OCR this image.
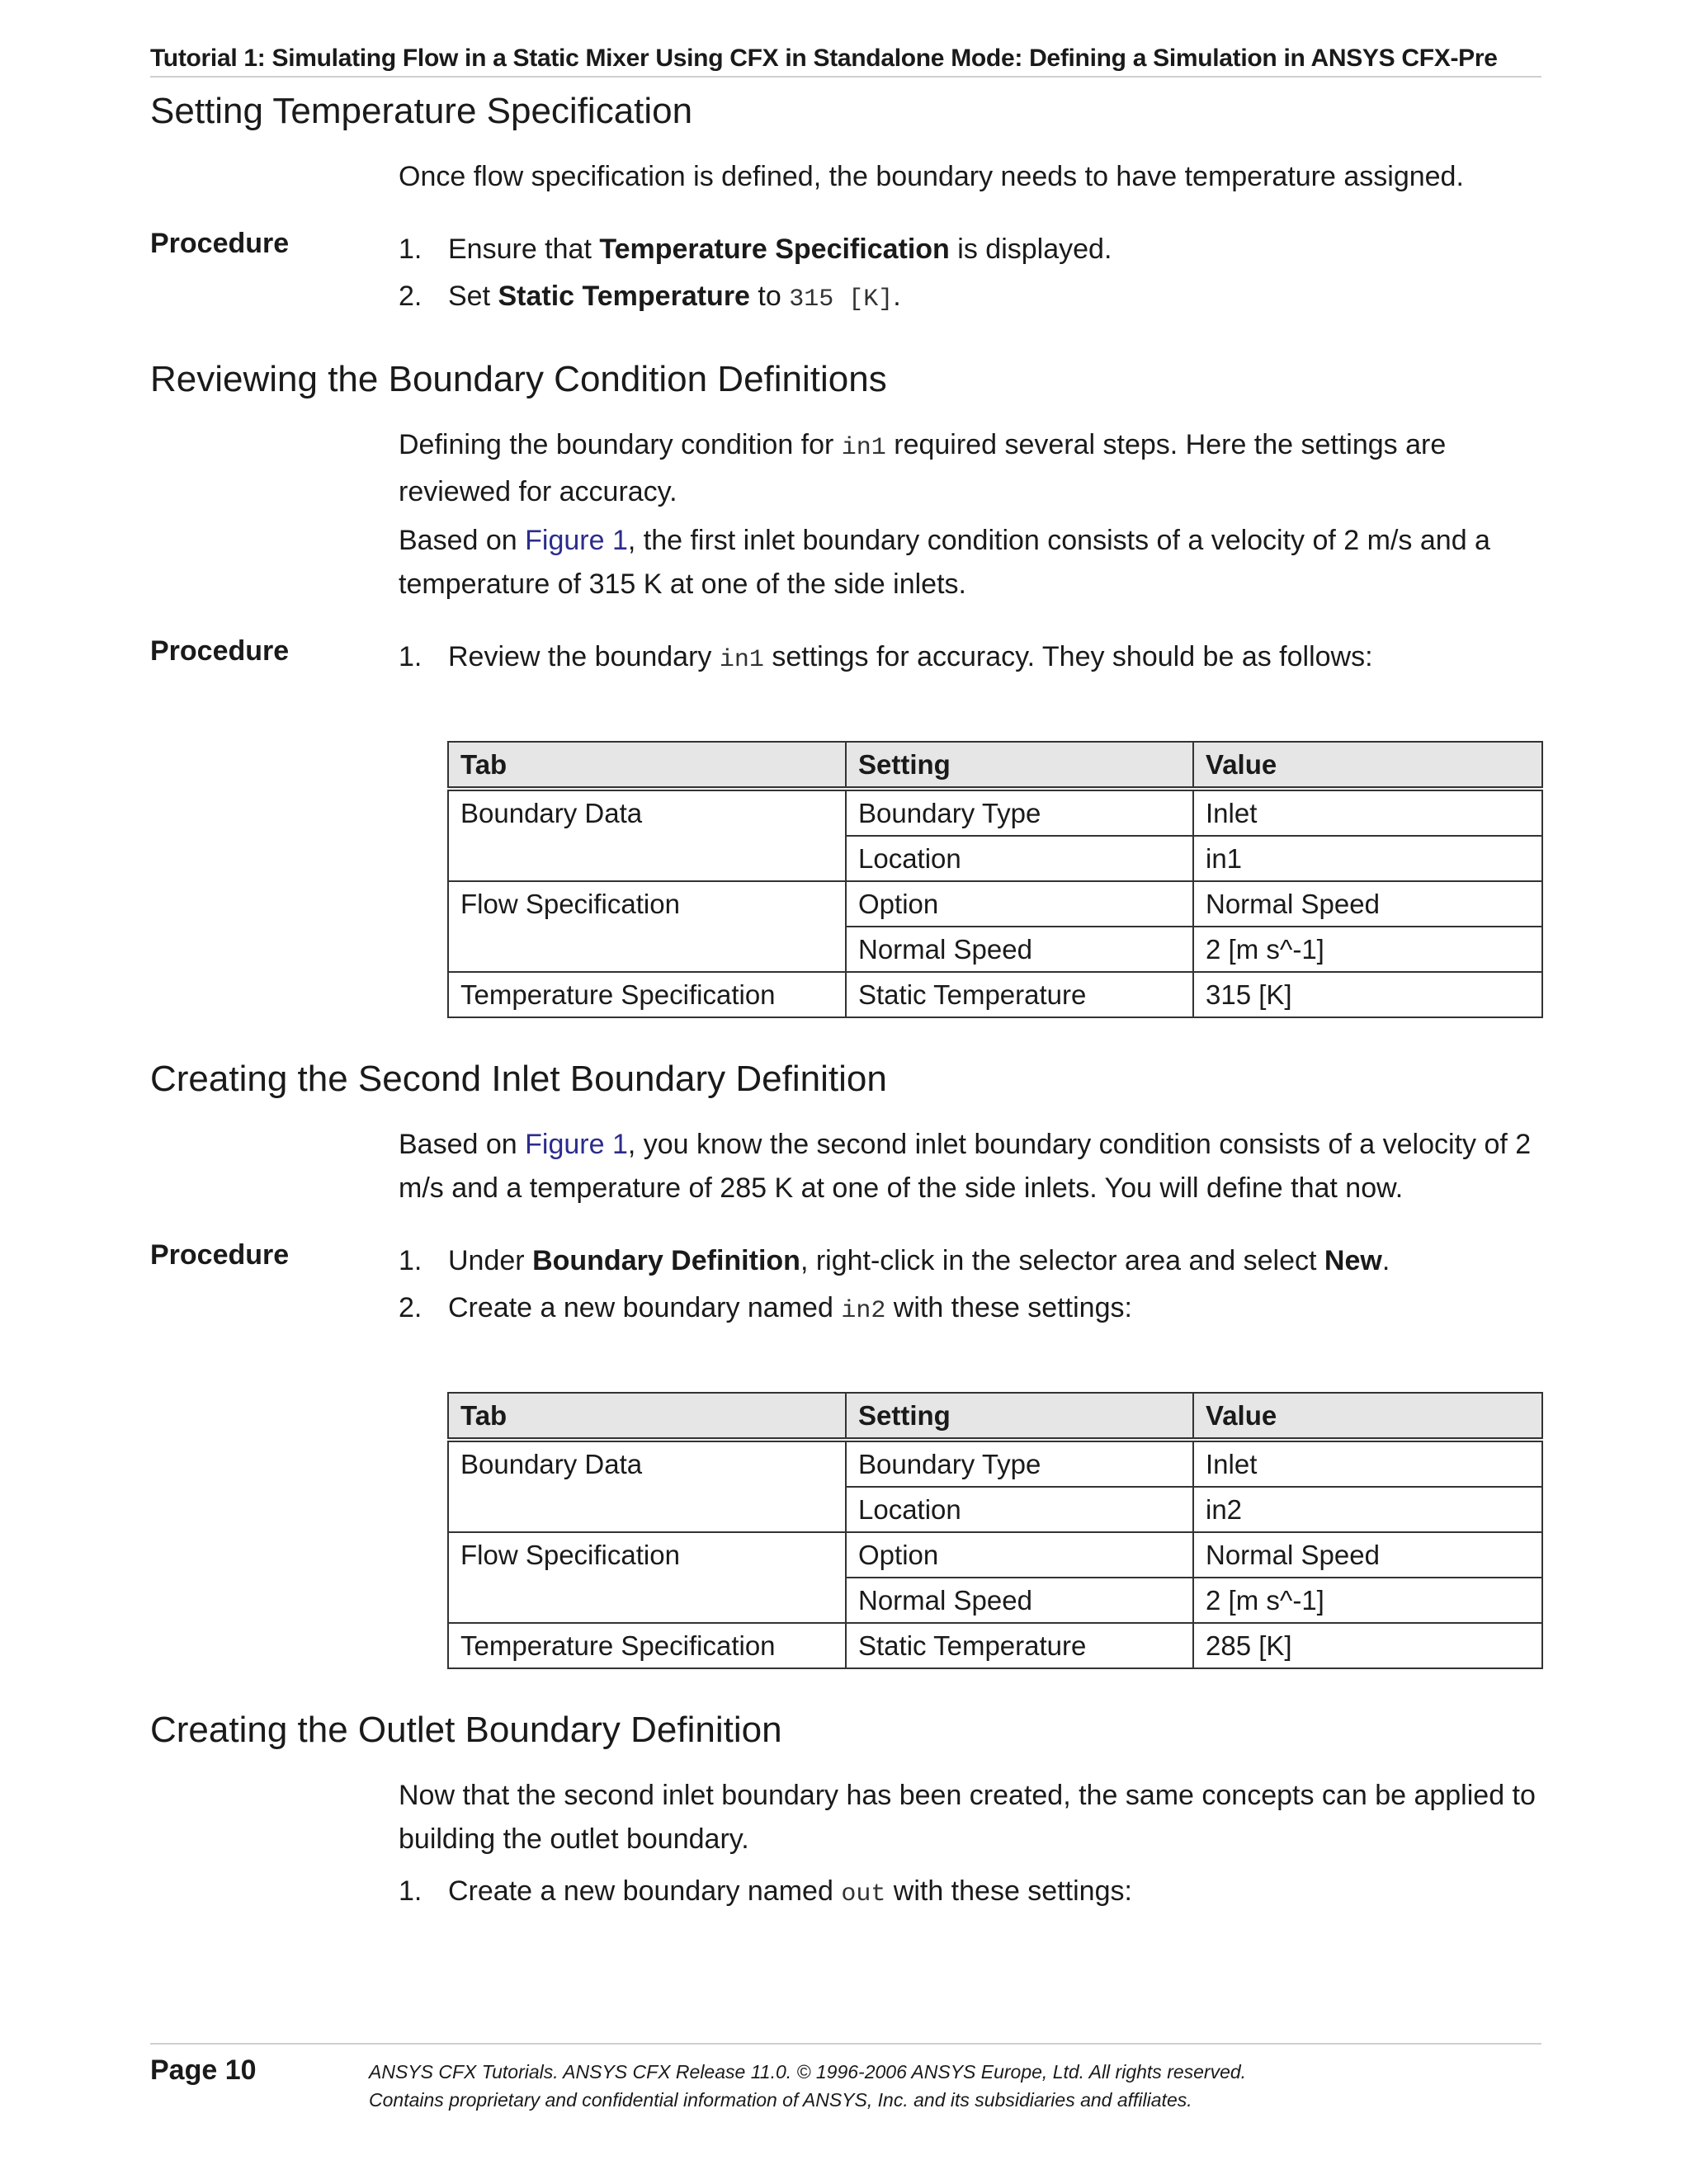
Tutorial 1: Simulating Flow in a Static Mixer Using CFX in Standalone Mode: Defining a Simulation in ANSYS CFX-Pre
Setting Temperature Specification
Once flow specification is defined, the boundary needs to have temperature assigned.
Procedure	1. Ensure that Temperature Specification is displayed.
2. Set Static Temperature to 315 [K].
Reviewing the Boundary Condition Definitions
Defining the boundary condition for in1 required several steps. Here the settings are reviewed for accuracy.
Based on Figure 1, the first inlet boundary condition consists of a velocity of 2 m/s and a temperature of 315 K at one of the side inlets.
Procedure	1. Review the boundary in1 settings for accuracy. They should be as follows:
Tab	Setting	Value
Boundary Data	Boundary Type	Inlet
	Location	in1
Flow Specification	Option	Normal Speed
	Normal Speed	2 [m s^-1]
Temperature Specification	Static Temperature	315 [K]
Creating the Second Inlet Boundary Definition
Based on Figure 1, you know the second inlet boundary condition consists of a velocity of 2 m/s and a temperature of 285 K at one of the side inlets. You will define that now.
Procedure	1. Under Boundary Definition, right-click in the selector area and select New.
2. Create a new boundary named in2 with these settings:
Tab	Setting	Value
Boundary Data	Boundary Type	Inlet
	Location	in2
Flow Specification	Option	Normal Speed
	Normal Speed	2 [m s^-1]
Temperature Specification	Static Temperature	285 [K]
Creating the Outlet Boundary Definition
Now that the second inlet boundary has been created, the same concepts can be applied to building the outlet boundary.
1. Create a new boundary named out with these settings:
Page 10	ANSYS CFX Tutorials. ANSYS CFX Release 11.0. © 1996-2006 ANSYS Europe, Ltd. All rights reserved.
Contains proprietary and confidential information of ANSYS, Inc. and its subsidiaries and affiliates.
